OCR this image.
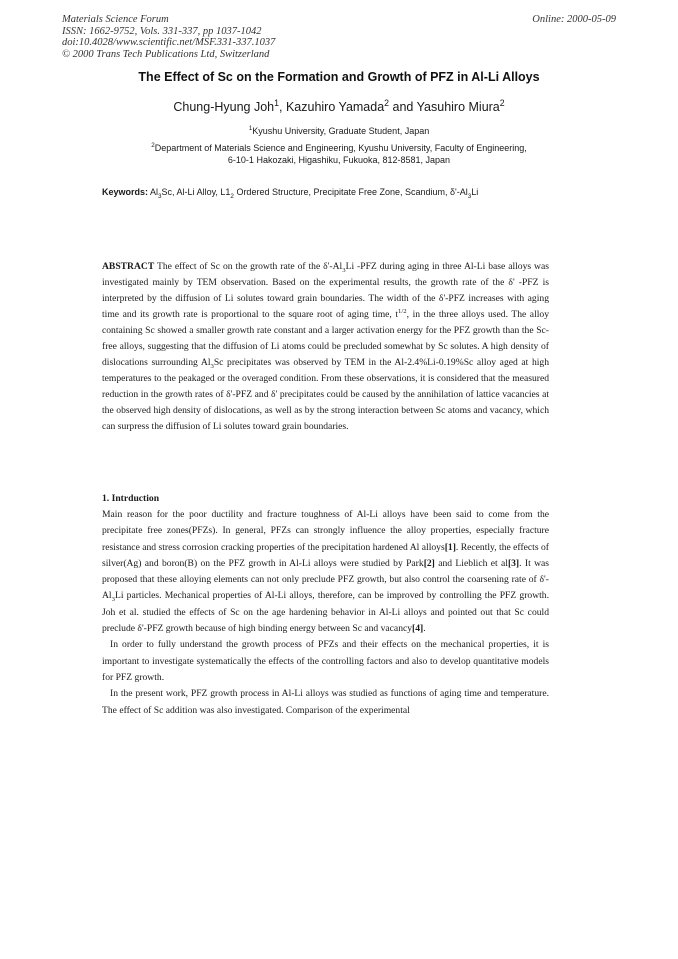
Materials Science Forum
ISSN: 1662-9752, Vols. 331-337, pp 1037-1042
doi:10.4028/www.scientific.net/MSF.331-337.1037
© 2000 Trans Tech Publications Ltd, Switzerland
Online: 2000-05-09
The Effect of Sc on the Formation and Growth of PFZ in Al-Li Alloys
Chung-Hyung Joh$^1$, Kazuhiro Yamada$^2$ and Yasuhiro Miura$^2$
$^1$Kyushu University, Graduate Student, Japan
$^2$Department of Materials Science and Engineering, Kyushu University, Faculty of Engineering,
6-10-1 Hakozaki, Higashiku, Fukuoka, 812-8581, Japan
Keywords: $Al_3Sc$, Al-Li Alloy, $L1_2$ Ordered Structure, Precipitate Free Zone, Scandium, $\delta'-Al_3Li$
ABSTRACT The effect of Sc on the growth rate of the $\delta'-Al_3Li$ -PFZ during aging in three Al-Li base alloys was investigated mainly by TEM observation. Based on the experimental results, the growth rate of the δ' -PFZ is interpreted by the diffusion of Li solutes toward grain boundaries. The width of the δ'-PFZ increases with aging time and its growth rate is proportional to the square root of aging time, $t^{1/2}$, in the three alloys used. The alloy containing Sc showed a smaller growth rate constant and a larger activation energy for the PFZ growth than the Sc-free alloys, suggesting that the diffusion of Li atoms could be precluded somewhat by Sc solutes. A high density of dislocations surrounding $Al_3Sc$ precipitates was observed by TEM in the Al-2.4%Li-0.19%Sc alloy aged at high temperatures to the peakaged or the overaged condition. From these observations, it is considered that the measured reduction in the growth rates of δ'-PFZ and δ' precipitates could be caused by the annihilation of lattice vacancies at the observed high density of dislocations, as well as by the strong interaction between Sc atoms and vacancy, which can surpress the diffusion of Li solutes toward grain boundaries.
1. Intrduction

Main reason for the poor ductility and fracture toughness of Al-Li alloys have been said to come from the precipitate free zones(PFZs). In general, PFZs can strongly influence the alloy properties, especially fracture resistance and stress corrosion cracking properties of the precipitation hardened Al alloys[1]. Recently, the effects of silver(Ag) and boron(B) on the PFZ growth in Al-Li alloys were studied by Park[2] and Lieblich et al[3]. It was proposed that these alloying elements can not only preclude PFZ growth, but also control the coarsening rate of $\delta'-Al_3Li$ particles. Mechanical properties of Al-Li alloys, therefore, can be improved by controlling the PFZ growth. Joh et al. studied the effects of Sc on the age hardening behavior in Al-Li alloys and pointed out that Sc could preclude δ'-PFZ growth because of high binding energy between Sc and vacancy[4].

In order to fully understand the growth process of PFZs and their effects on the mechanical properties, it is important to investigate systematically the effects of the controlling factors and also to develop quantitative models for PFZ growth.

In the present work, PFZ growth process in Al-Li alloys was studied as functions of aging time and temperature. The effect of Sc addition was also investigated. Comparison of the experimental
